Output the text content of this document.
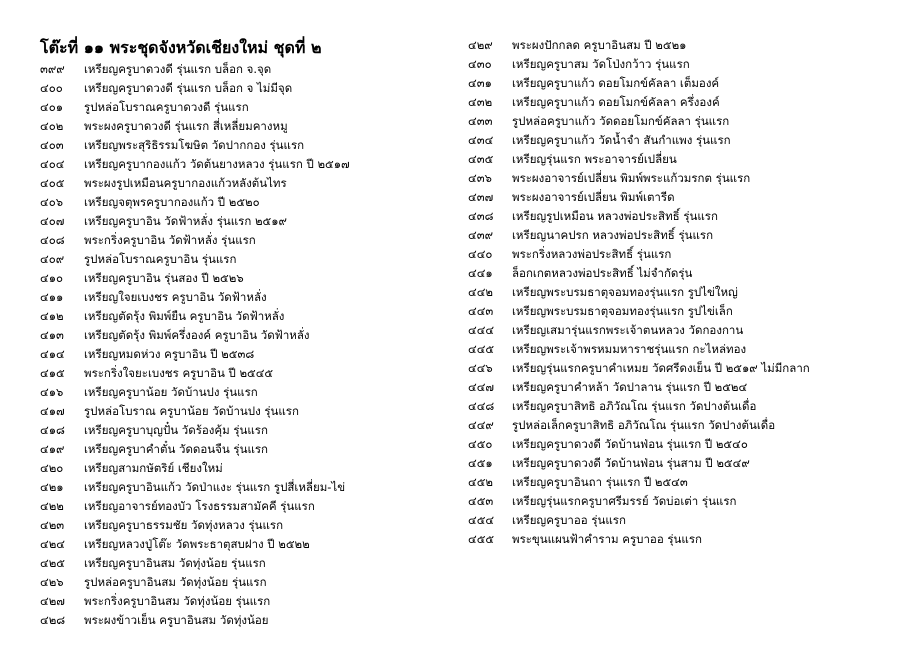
โต๊ะที่ ๑๑ พระชุดจังหวัดเชียงใหม่ ชุดที่ ๒
๓๙๙	เหรียญครูบาดวงดี รุ่นแรก บล็อก จ.จุด
๔๐๐	เหรียญครูบาดวงดี รุ่นแรก บล็อก จ ไม่มีจุด
๔๐๑	รูปหล่อโบราณครูบาดวงดี รุ่นแรก
๔๐๒	พระผงครูบาดวงดี รุ่นแรก สี่เหลี่ยมคางหมู
๔๐๓	เหรียญพระสุริธิรรมโฆษิต วัดปากกอง รุ่นแรก
๔๐๔	เหรียญครูบากองแก้ว วัดต้นยางหลวง รุ่นแรก ปี ๒๕๑๗
๔๐๕	พระผงรูปเหมือนครูบากองแก้วหลังต้นไทร
๔๐๖	เหรียญจตุพรครูบากองแก้ว ปี ๒๕๒๐
๔๐๗	เหรียญครูบาอิน วัดฟ้าหลั่ง รุ่นแรก ๒๕๑๙
๔๐๘	พระกริ่งครูบาอิน วัดฟ้าหลั่ง รุ่นแรก
๔๐๙	รูปหล่อโบราณครูบาอิน รุ่นแรก
๔๑๐	เหรียญครูบาอิน รุ่นสอง ปี ๒๕๒๖
๔๑๑	เหรียญใจยเบงชร ครูบาอิน วัดฟ้าหลั่ง
๔๑๒	เหรียญตัดรุ้ง พิมพ์ยืน ครูบาอิน วัดฟ้าหลั่ง
๔๑๓	เหรียญตัดรุ้ง พิมพ์ครึ่งองค์ ครูบาอิน วัดฟ้าหลั่ง
๔๑๔	เหรียญหมดห่วง ครูบาอิน ปี ๒๕๓๘
๔๑๕	พระกริ่งใจยะเบงชร ครูบาอิน ปี ๒๕๔๕
๔๑๖	เหรียญครูบาน้อย วัดบ้านปง รุ่นแรก
๔๑๗	รูปหล่อโบราณ ครูบาน้อย วัดบ้านปง รุ่นแรก
๔๑๘	เหรียญครูบาบุญปั๋น วัดร้องคุ้ม รุ่นแรก
๔๑๙	เหรียญครูบาคำตั๋น วัดดอนจืน รุ่นแรก
๔๒๐	เหรียญสามกษัตริย์ เชียงใหม่
๔๒๑	เหรียญครูบาอินแก้ว วัดป่าแงะ รุ่นแรก รูปสี่เหลี่ยม-ไข่
๔๒๒	เหรียญอาจารย์ทองบัว โรงธรรมสามัคคี รุ่นแรก
๔๒๓	เหรียญครูบาธรรมชัย วัดทุ่งหลวง รุ่นแรก
๔๒๔	เหรียญหลวงปู่โต๊ะ วัดพระธาตุสบฝาง ปี ๒๕๒๒
๔๒๕	เหรียญครูบาอินสม วัดทุ่งน้อย รุ่นแรก
๔๒๖	รูปหล่อครูบาอินสม วัดทุ่งน้อย รุ่นแรก
๔๒๗	พระกริ่งครูบาอินสม วัดทุ่งน้อย รุ่นแรก
๔๒๘	พระผงข้าวเย็น ครูบาอินสม วัดทุ่งน้อย
๔๒๙	พระผงปักกลด ครูบาอินสม ปี ๒๕๒๑
๔๓๐	เหรียญครูบาสม วัดโป่งกว้าว รุ่นแรก
๔๓๑	เหรียญครูบาแก้ว ดอยโมกข์คัลลา เต็มองค์
๔๓๒	เหรียญครูบาแก้ว ดอยโมกข์คัลลา ครึ่งองค์
๔๓๓	รูปหล่อครูบาแก้ว วัดดอยโมกข์คัลลา รุ่นแรก
๔๓๔	เหรียญครูบาแก้ว วัดน้ำจำ สันกำแพง รุ่นแรก
๔๓๕	เหรียญรุ่นแรก พระอาจารย์เปลี่ยน
๔๓๖	พระผงอาจารย์เปลี่ยน พิมพ์พระแก้วมรกต รุ่นแรก
๔๓๗	พระผงอาจารย์เปลี่ยน พิมพ์เตารีด
๔๓๘	เหรียญรูปเหมือน หลวงพ่อประสิทธิ์ รุ่นแรก
๔๓๙	เหรียญนาคปรก หลวงพ่อประสิทธิ์ รุ่นแรก
๔๔๐	พระกริ่งหลวงพ่อประสิทธิ์ รุ่นแรก
๔๔๑	ล็อกเกตหลวงพ่อประสิทธิ์ ไม่จำกัดรุ่น
๔๔๒	เหรียญพระบรมธาตุจอมทองรุ่นแรก รูปไข่ใหญ่
๔๔๓	เหรียญพระบรมธาตุจอมทองรุ่นแรก รูปไข่เล็ก
๔๔๔	เหรียญเสมารุ่นแรกพระเจ้าตนหลวง วัดกองกาน
๔๔๕	เหรียญพระเจ้าพรหมมหาราชรุ่นแรก กะไหล่ทอง
๔๔๖	เหรียญรุ่นแรกครูบาคำเหมย วัดศรีดงเย็น ปี ๒๕๑๙ ไม่มีกลาก
๔๔๗	เหรียญครูบาคำหล้า วัดปาลาน รุ่นแรก ปี ๒๕๒๔
๔๔๘	เหรียญครูบาสิทธิ อภิวัณโณ รุ่นแรก วัดปางต้นเดื่อ
๔๔๙	รูปหล่อเล็กครูบาสิทธิ อภิวัณโณ รุ่นแรก วัดปางต้นเดื่อ
๔๕๐	เหรียญครูบาดวงดี วัดบ้านฟ่อน รุ่นแรก ปี ๒๕๔๐
๔๕๑	เหรียญครูบาดวงดี วัดบ้านฟ่อน รุ่นสาม ปี ๒๕๔๙
๔๕๒	เหรียญครูบาอินถา รุ่นแรก ปี ๒๕๔๓
๔๕๓	เหรียญรุ่นแรกครูบาศรีมรรย์ วัดบ่อเต่า รุ่นแรก
๔๕๔	เหรียญครูบาออ รุ่นแรก
๔๕๕	พระขุนแผนฟ้าคำราม ครูบาออ รุ่นแรก
